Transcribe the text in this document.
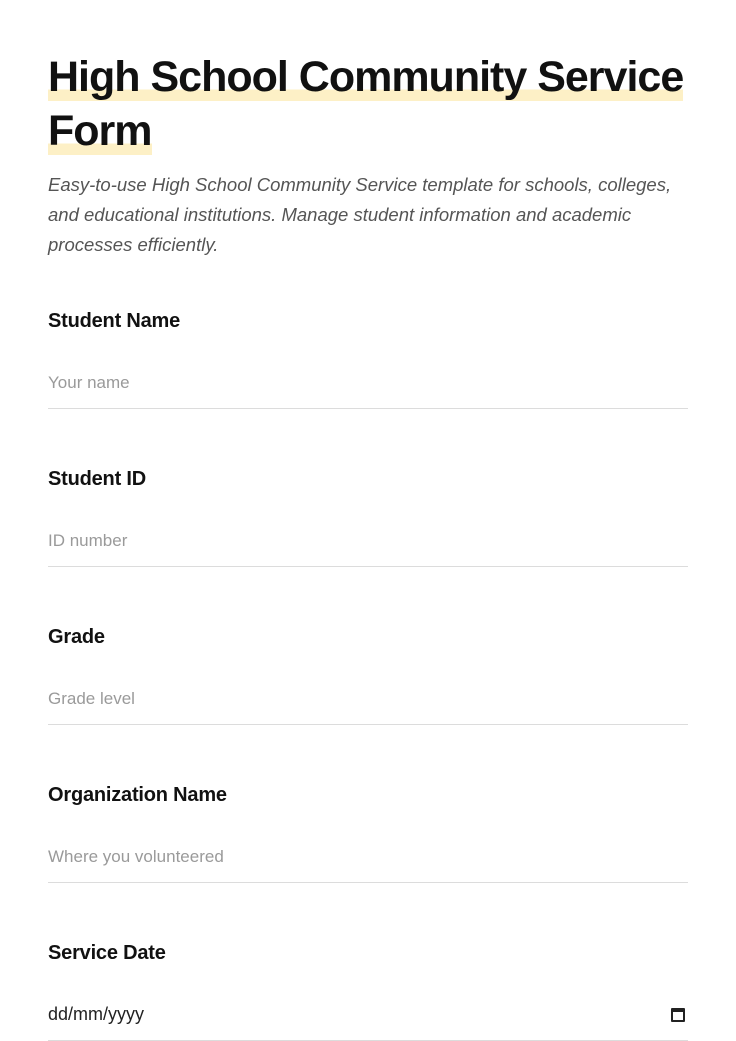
High School Community Service Form

Easy-to-use High School Community Service template for schools, colleges, and educational institutions. Manage student information and academic processes efficiently.

Student Name
Your name
Student ID
ID number
Grade
Grade level
Organization Name
Where you volunteered
Service Date
dd/mm/yyyy
